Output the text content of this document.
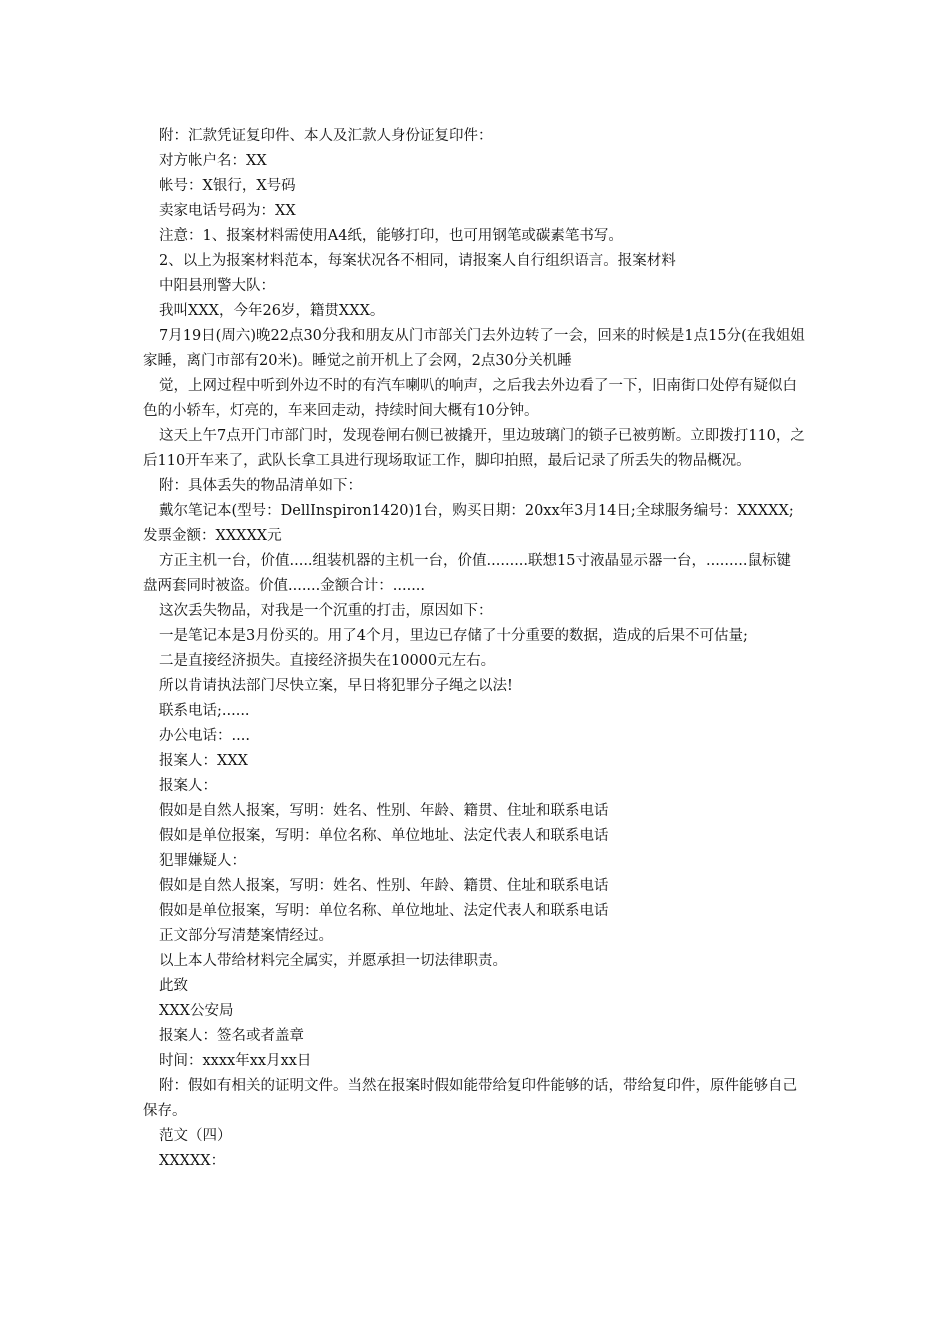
附：汇款凭证复印件、本人及汇款人身份证复印件：

对方帐户名：XX

帐号：X银行，X号码

卖家电话号码为：XX

注意：1、报案材料需使用A4纸，能够打印，也可用钢笔或碳素笔书写。

2、以上为报案材料范本，每案状况各不相同，请报案人自行组织语言。报案材料

中阳县刑警大队：

我叫XXX，今年26岁，籍贯XXX。

7月19日(周六)晚22点30分我和朋友从门市部关门去外边转了一会，回来的时候是1点15分(在我姐姐家睡，离门市部有20米)。睡觉之前开机上了会网，2点30分关机睡

觉，上网过程中听到外边不时的有汽车喇叭的响声，之后我去外边看了一下，旧南街口处停有疑似白色的小轿车，灯亮的，车来回走动，持续时间大概有10分钟。

这天上午7点开门市部门时，发现卷闸右侧已被撬开，里边玻璃门的锁子已被剪断。立即拨打110，之后110开车来了，武队长拿工具进行现场取证工作，脚印拍照，最后记录了所丢失的物品概况。

附：具体丢失的物品清单如下：

戴尔笔记本(型号：DellInspiron1420)1台，购买日期：20xx年3月14日;全球服务编号：XXXXX;发票金额：XXXXX元

方正主机一台，价值.....组装机器的主机一台，价值.........联想15寸液晶显示器一台，.........鼠标键盘两套同时被盗。价值.......金额合计：.......

这次丢失物品，对我是一个沉重的打击，原因如下：

一是笔记本是3月份买的。用了4个月，里边已存储了十分重要的数据，造成的后果不可估量;

二是直接经济损失。直接经济损失在10000元左右。

所以肯请执法部门尽快立案，早日将犯罪分子绳之以法!

联系电话;......

办公电话：....

报案人：XXX

报案人：

假如是自然人报案，写明：姓名、性别、年龄、籍贯、住址和联系电话

假如是单位报案，写明：单位名称、单位地址、法定代表人和联系电话

犯罪嫌疑人：

假如是自然人报案，写明：姓名、性别、年龄、籍贯、住址和联系电话

假如是单位报案，写明：单位名称、单位地址、法定代表人和联系电话

正文部分写清楚案情经过。

以上本人带给材料完全属实，并愿承担一切法律职责。

此致

XXX公安局

报案人：签名或者盖章

时间：xxxx年xx月xx日

附：假如有相关的证明文件。当然在报案时假如能带给复印件能够的话，带给复印件，原件能够自己保存。

范文（四）

XXXXX：
